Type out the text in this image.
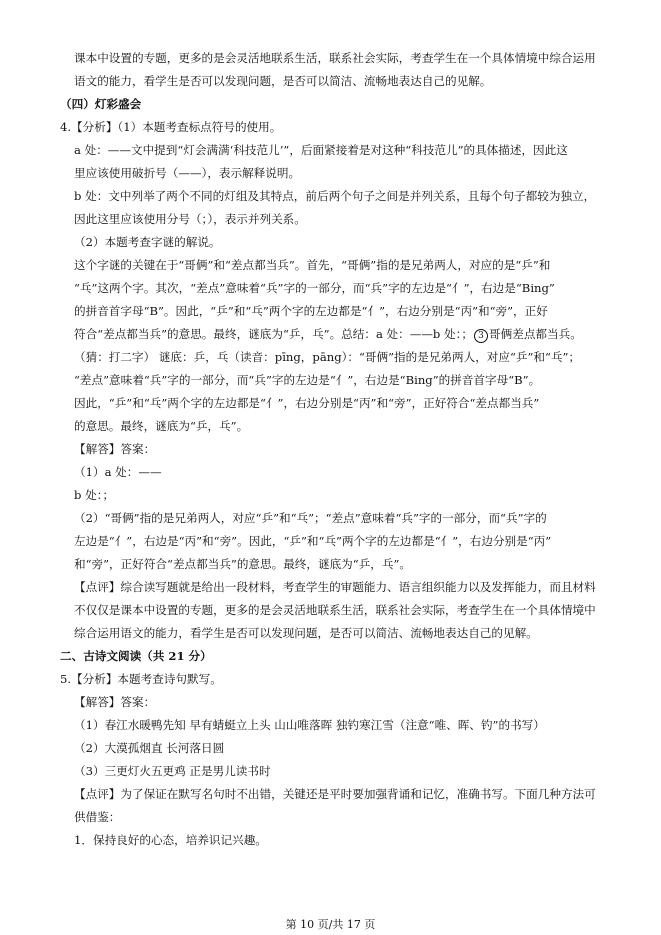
课本中设置的专题，更多的是会灵活地联系生活，联系社会实际，考查学生在一个具体情境中综合运用
语文的能力，看学生是否可以发现问题，是否可以简洁、流畅地表达自己的见解。
（四）灯彩盛会
4.【分析】（1）本题考查标点符号的使用。
a 处：——文中提到“灯会满满‘科技范儿’”，后面紧接着是对这种“科技范儿”的具体描述，因此这
里应该使用破折号（——），表示解释说明。
b 处：文中列举了两个不同的灯组及其特点，前后两个句子之间是并列关系，且每个句子都较为独立，
因此这里应该使用分号（；），表示并列关系。
（2）本题考查字谜的解说。
这个字谜的关键在于“哥俩”和“差点都当兵”。首先，“哥俩”指的是兄弟两人，对应的是“乒”和
“乓”这两个字。其次，“差点”意味着“兵”字的一部分，而“兵”字的左边是“亻”，右边是“Bing”
的拼音首字母“B”。因此，“乒”和“乓”两个字的左边都是“亻”，右边分别是“丙”和“旁”，正好
符合“差点都当兵”的意思。最终，谜底为“乒，乓”。总结：a 处：——b 处：； 3 哥俩差点都当兵。
（猜：打二字） 谜底：乒，乓（读音：pīng，pāng）：“哥俩”指的是兄弟两人，对应“乒”和“乓”；
“差点”意味着“兵”字的一部分，而“兵”字的左边是“亻”，右边是“Bing”的拼音首字母“B”。
因此，“乒”和“乓”两个字的左边都是“亻”，右边分别是“丙”和“旁”，正好符合“差点都当兵”
的意思。最终，谜底为“乒，乓”。
【解答】答案：
（1）a 处：——
b 处：；
（2）“哥俩”指的是兄弟两人，对应“乒”和“乓”；“差点”意味着“兵”字的一部分，而“兵”字的
左边是“亻”，右边是“丙”和“旁”。因此，“乒”和“乓”两个字的左边都是“亻”，右边分别是“丙”
和“旁”，正好符合“差点都当兵”的意思。最终，谜底为“乒，乓”。
【点评】综合读写题就是给出一段材料，考查学生的审题能力、语言组织能力以及发挥能力，而且材料
不仅仅是课本中设置的专题，更多的是会灵活地联系生活，联系社会实际，考查学生在一个具体情境中
综合运用语文的能力，看学生是否可以发现问题，是否可以简洁、流畅地表达自己的见解。
二、古诗文阅读（共 21 分）
5.【分析】本题考查诗句默写。
【解答】答案：
（1）春江水暖鸭先知 早有蜻蜓立上头 山山唯落晖 独钓寒江雪（注意“唯、晖、钓”的书写）
（2）大漠孤烟直 长河落日圆
（3）三更灯火五更鸡 正是男儿读书时
【点评】为了保证在默写名句时不出错，关键还是平时要加强背诵和记忆，准确书写。下面几种方法可
供借鉴：
1．保持良好的心态，培养识记兴趣。
第 10 页/共 17 页
